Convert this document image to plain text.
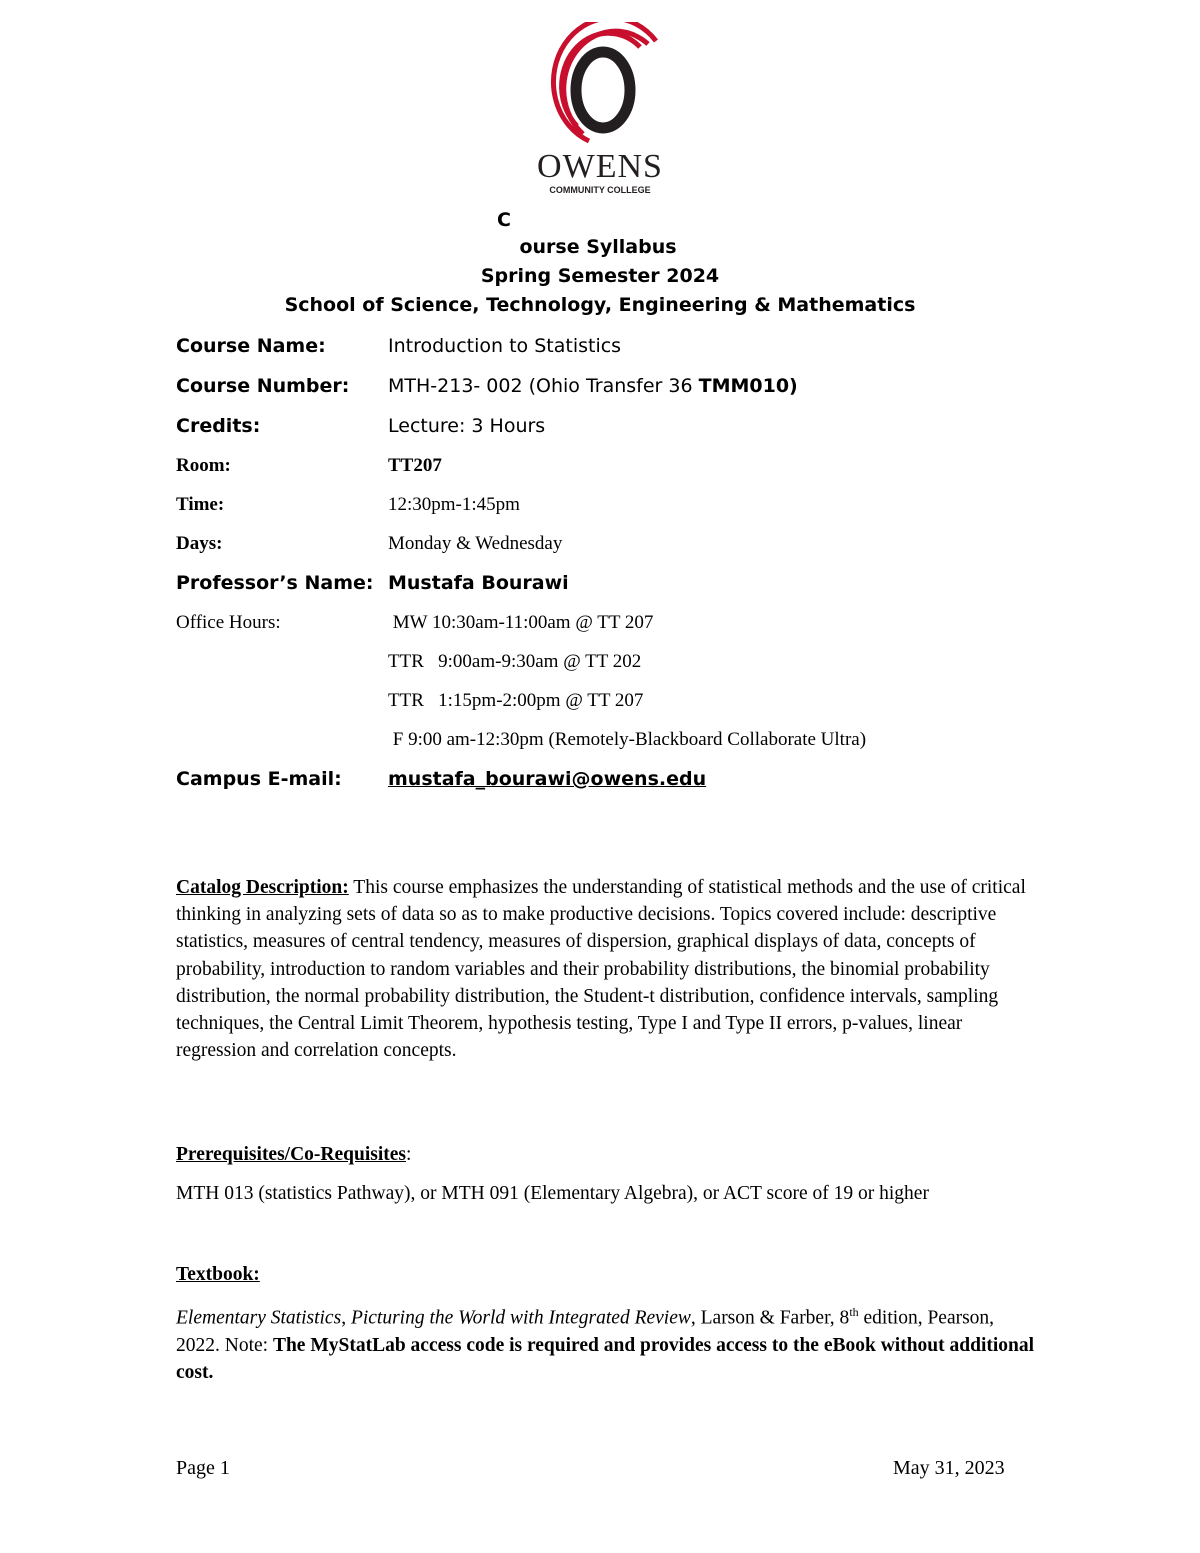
OWENS
COMMUNITY COLLEGE
C
ourse Syllabus
Spring Semester 2024
School of Science, Technology, Engineering & Mathematics
Course Name:	Introduction to Statistics
Course Number: MTH-213- 002 (Ohio Transfer 36 TMM010)
Credits:	Lecture: 3 Hours
Room:	TT207
Time:	12:30pm-1:45pm
Days:	Monday & Wednesday
Professor’s Name: Mustafa Bourawi
Office Hours:	MW 10:30am-11:00am @ TT 207
TTR   9:00am-9:30am @ TT 202
TTR   1:15pm-2:00pm @ TT 207
F 9:00 am-12:30pm (Remotely-Blackboard Collaborate Ultra)
Campus E-mail: mustafa_bourawi@owens.edu
Catalog Description: This course emphasizes the understanding of statistical methods and the use of critical thinking in analyzing sets of data so as to make productive decisions. Topics covered include: descriptive statistics, measures of central tendency, measures of dispersion, graphical displays of data, concepts of probability, introduction to random variables and their probability distributions, the binomial probability distribution, the normal probability distribution, the Student-t distribution, confidence intervals, sampling techniques, the Central Limit Theorem, hypothesis testing, Type I and Type II errors, p-values, linear regression and correlation concepts.
Prerequisites/Co-Requisites:
MTH 013 (statistics Pathway), or MTH 091 (Elementary Algebra), or ACT score of 19 or higher
Textbook:
Elementary Statistics, Picturing the World with Integrated Review, Larson & Farber, 8th edition, Pearson, 2022. Note: The MyStatLab access code is required and provides access to the eBook without additional cost.
Page 1	May 31, 2023
